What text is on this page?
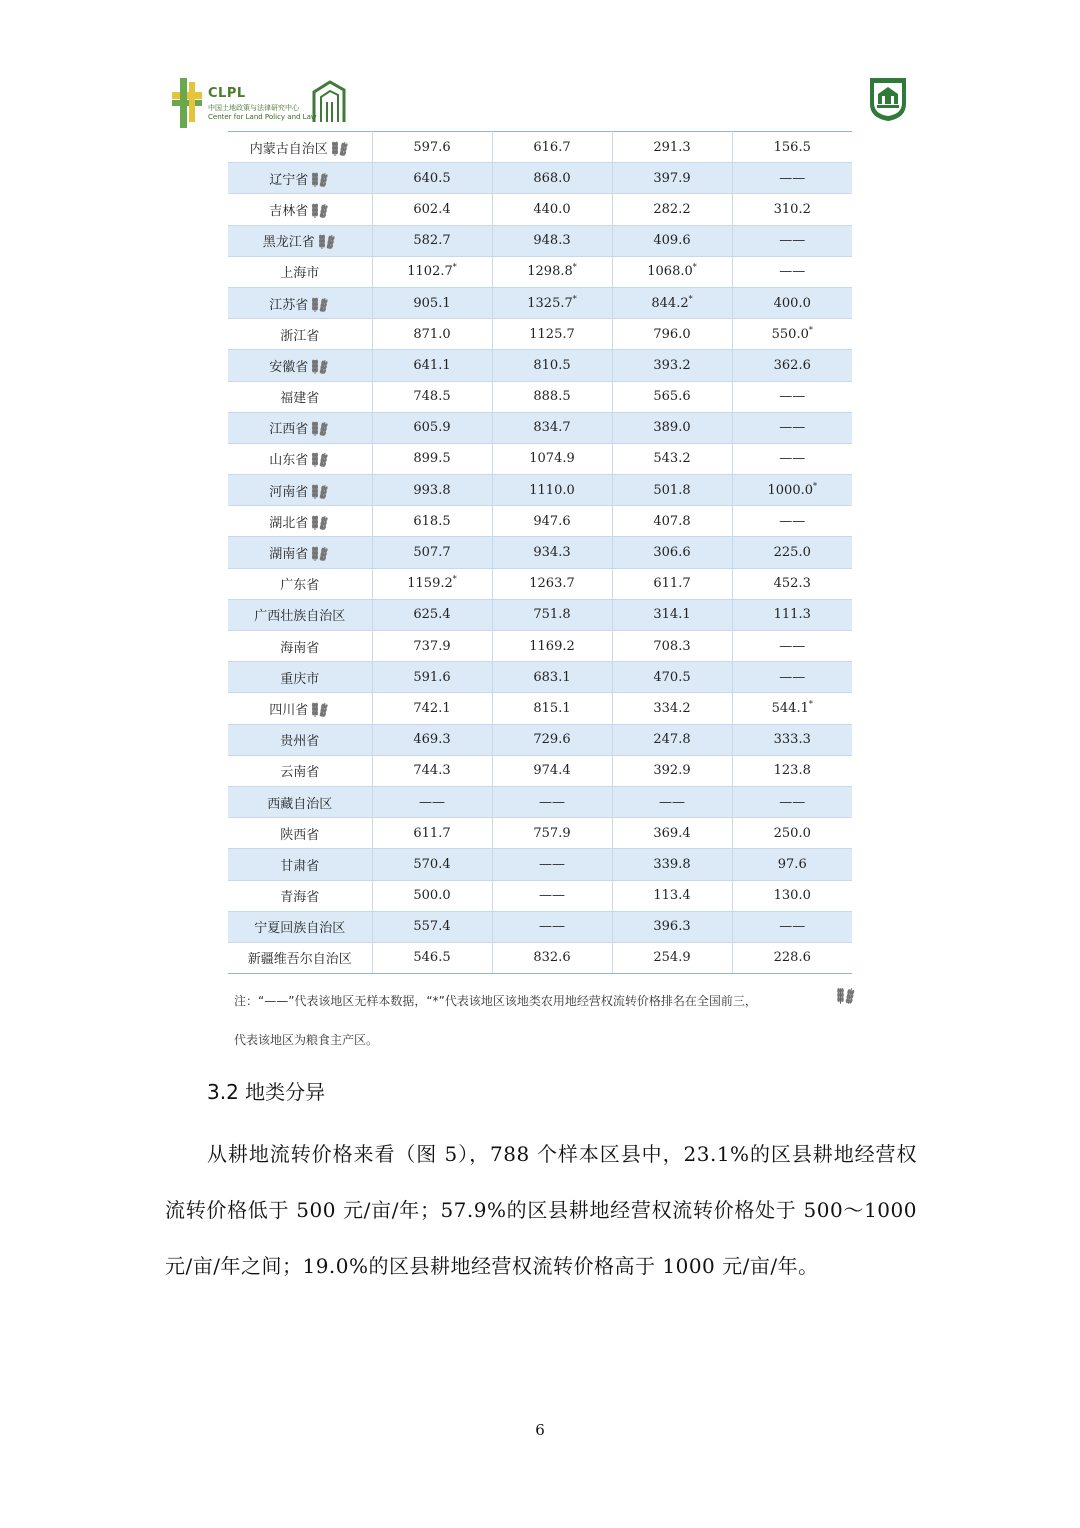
CLPL
中国土地政策与法律研究中心
Center for Land Policy and Law
内蒙古自治区	597.6	616.7	291.3	156.5
辽宁省	640.5	868.0	397.9	——
吉林省	602.4	440.0	282.2	310.2
黑龙江省	582.7	948.3	409.6	——
上海市	1102.7*	1298.8*	1068.0*	——
江苏省	905.1	1325.7*	844.2*	400.0
浙江省	871.0	1125.7	796.0	550.0*
安徽省	641.1	810.5	393.2	362.6
福建省	748.5	888.5	565.6	——
江西省	605.9	834.7	389.0	——
山东省	899.5	1074.9	543.2	——
河南省	993.8	1110.0	501.8	1000.0*
湖北省	618.5	947.6	407.8	——
湖南省	507.7	934.3	306.6	225.0
广东省	1159.2*	1263.7	611.7	452.3
广西壮族自治区	625.4	751.8	314.1	111.3
海南省	737.9	1169.2	708.3	——
重庆市	591.6	683.1	470.5	——
四川省	742.1	815.1	334.2	544.1*
贵州省	469.3	729.6	247.8	333.3
云南省	744.3	974.4	392.9	123.8
西藏自治区	——	——	——	——
陕西省	611.7	757.9	369.4	250.0
甘肃省	570.4	——	339.8	97.6
青海省	500.0	——	113.4	130.0
宁夏回族自治区	557.4	——	396.3	——
新疆维吾尔自治区	546.5	832.6	254.9	228.6
注：“——”代表该地区无样本数据，“*”代表该地区该地类农用地经营权流转价格排名在全国前三，
代表该地区为粮食主产区。
3.2 地类分异
从耕地流转价格来看（图 5），788 个样本区县中，23.1%的区县耕地经营权流转价格低于 500 元/亩/年；57.9%的区县耕地经营权流转价格处于 500～1000 元/亩/年之间；19.0%的区县耕地经营权流转价格高于 1000 元/亩/年。
6
